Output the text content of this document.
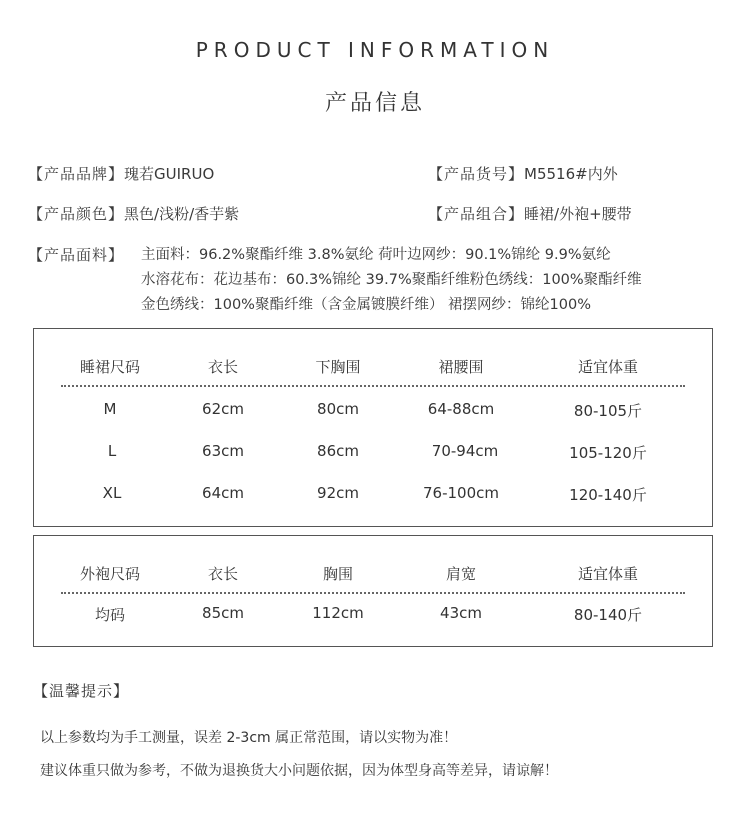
PRODUCT INFORMATION
产品信息
【产品品牌】瑰若GUIRUO	【产品货号】M5516#内外
【产品颜色】黑色/浅粉/香芋紫	【产品组合】睡裙/外袍+腰带
【产品面料】 主面料：96.2%聚酯纤维 3.8%氨纶 荷叶边网纱：90.1%锦纶 9.9%氨纶
水溶花布：花边基布：60.3%锦纶 39.7%聚酯纤维粉色绣线：100%聚酯纤维
金色绣线：100%聚酯纤维（含金属镀膜纤维） 裙摆网纱：锦纶100%
睡裙尺码	衣长	下胸围	裙腰围	适宜体重
M	62cm	80cm	64-88cm	80-105斤
L	63cm	86cm	70-94cm	105-120斤
XL	64cm	92cm	76-100cm	120-140斤
外袍尺码	衣长	胸围	肩宽	适宜体重
均码	85cm	112cm	43cm	80-140斤
【温馨提示】
以上参数均为手工测量，误差 2-3cm 属正常范围，请以实物为准！
建议体重只做为参考，不做为退换货大小问题依据，因为体型身高等差异，请谅解！
